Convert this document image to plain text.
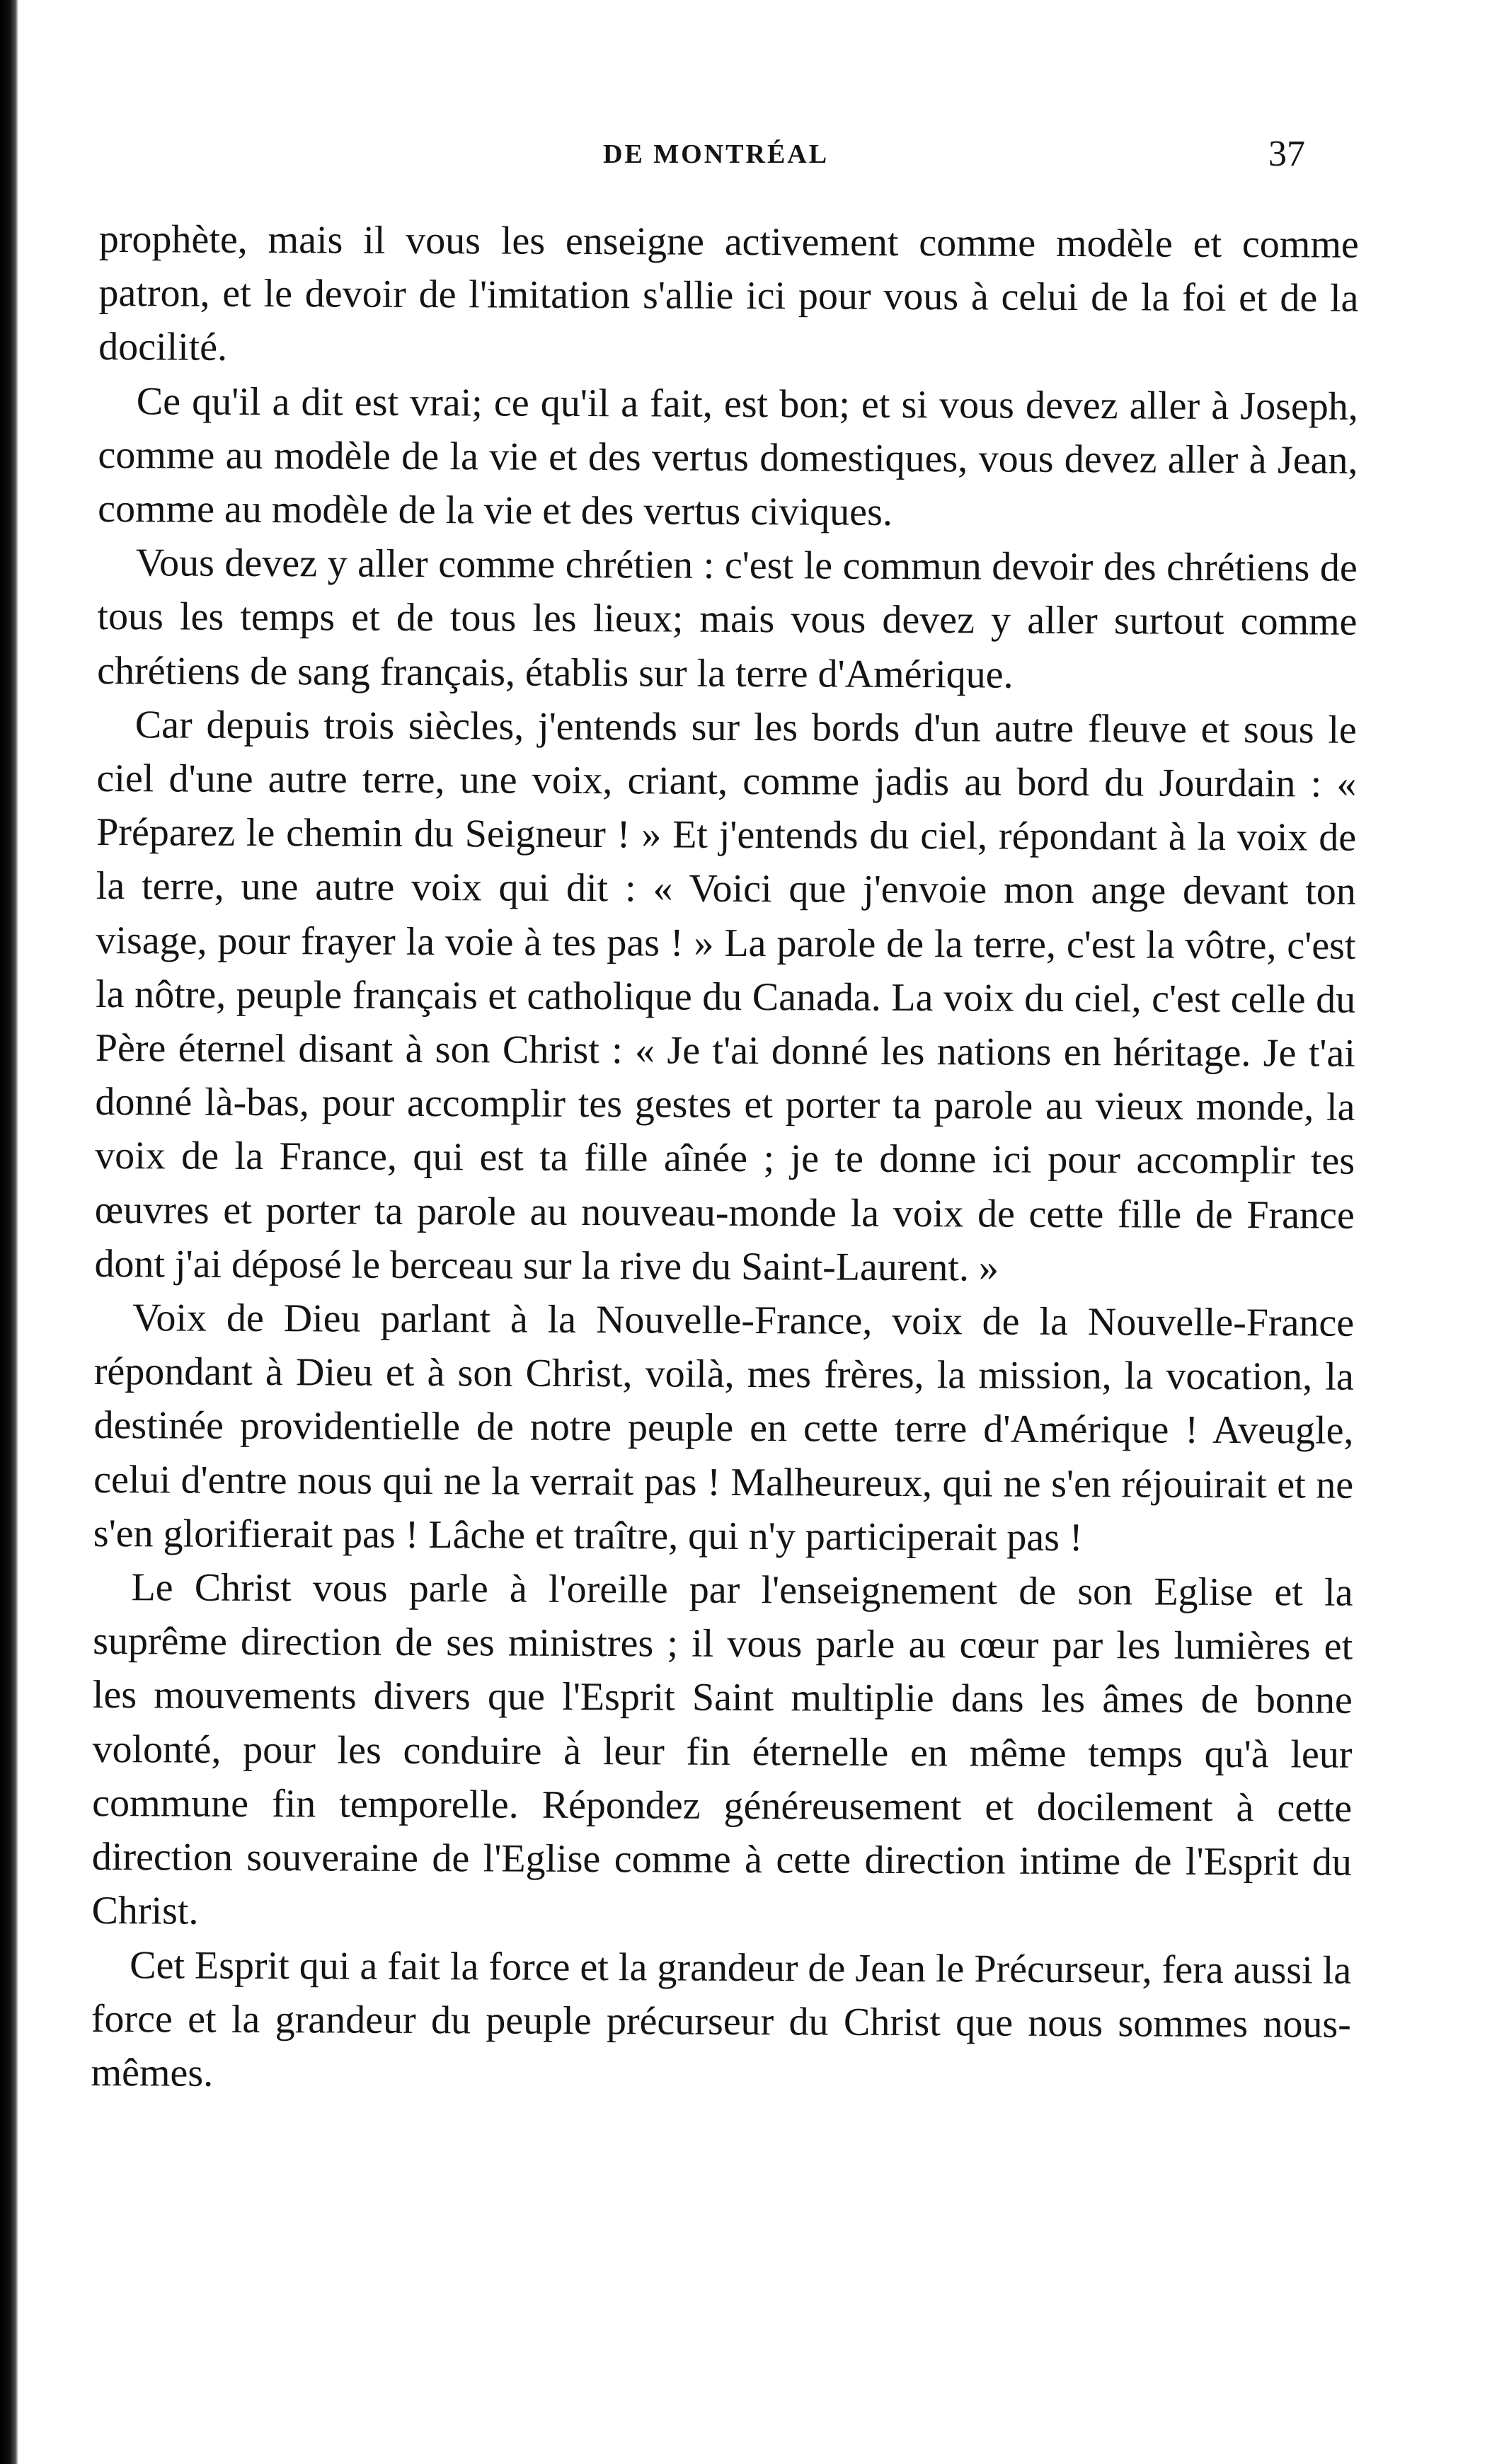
DE MONTRÉAL	37

prophète, mais il vous les enseigne activement comme modèle et comme patron, et le devoir de l'imitation s'allie ici pour vous à celui de la foi et de la docilité.

Ce qu'il a dit est vrai; ce qu'il a fait, est bon; et si vous devez aller à Joseph, comme au modèle de la vie et des vertus domestiques, vous devez aller à Jean, comme au modèle de la vie et des vertus civiques.

Vous devez y aller comme chrétien : c'est le commun devoir des chrétiens de tous les temps et de tous les lieux; mais vous devez y aller surtout comme chrétiens de sang français, établis sur la terre d'Amérique.

Car depuis trois siècles, j'entends sur les bords d'un autre fleuve et sous le ciel d'une autre terre, une voix, criant, comme jadis au bord du Jourdain : « Préparez le chemin du Seigneur ! » Et j'entends du ciel, répondant à la voix de la terre, une autre voix qui dit : « Voici que j'envoie mon ange devant ton visage, pour frayer la voie à tes pas ! » La parole de la terre, c'est la vôtre, c'est la nôtre, peuple français et catholique du Canada. La voix du ciel, c'est celle du Père éternel disant à son Christ : « Je t'ai donné les nations en héritage. Je t'ai donné là-bas, pour accomplir tes gestes et porter ta parole au vieux monde, la voix de la France, qui est ta fille aînée ; je te donne ici pour accomplir tes œuvres et porter ta parole au nouveau-monde la voix de cette fille de France dont j'ai déposé le berceau sur la rive du Saint-Laurent. »

Voix de Dieu parlant à la Nouvelle-France, voix de la Nouvelle-France répondant à Dieu et à son Christ, voilà, mes frères, la mission, la vocation, la destinée providentielle de notre peuple en cette terre d'Amérique ! Aveugle, celui d'entre nous qui ne la verrait pas ! Malheureux, qui ne s'en réjouirait et ne s'en glorifierait pas ! Lâche et traître, qui n'y participerait pas !

Le Christ vous parle à l'oreille par l'enseignement de son Eglise et la suprême direction de ses ministres ; il vous parle au cœur par les lumières et les mouvements divers que l'Esprit Saint multiplie dans les âmes de bonne volonté, pour les conduire à leur fin éternelle en même temps qu'à leur commune fin temporelle. Répondez généreusement et docilement à cette direction souveraine de l'Eglise comme à cette direction intime de l'Esprit du Christ.

Cet Esprit qui a fait la force et la grandeur de Jean le Précurseur, fera aussi la force et la grandeur du peuple précurseur du Christ que nous sommes nous-mêmes.
